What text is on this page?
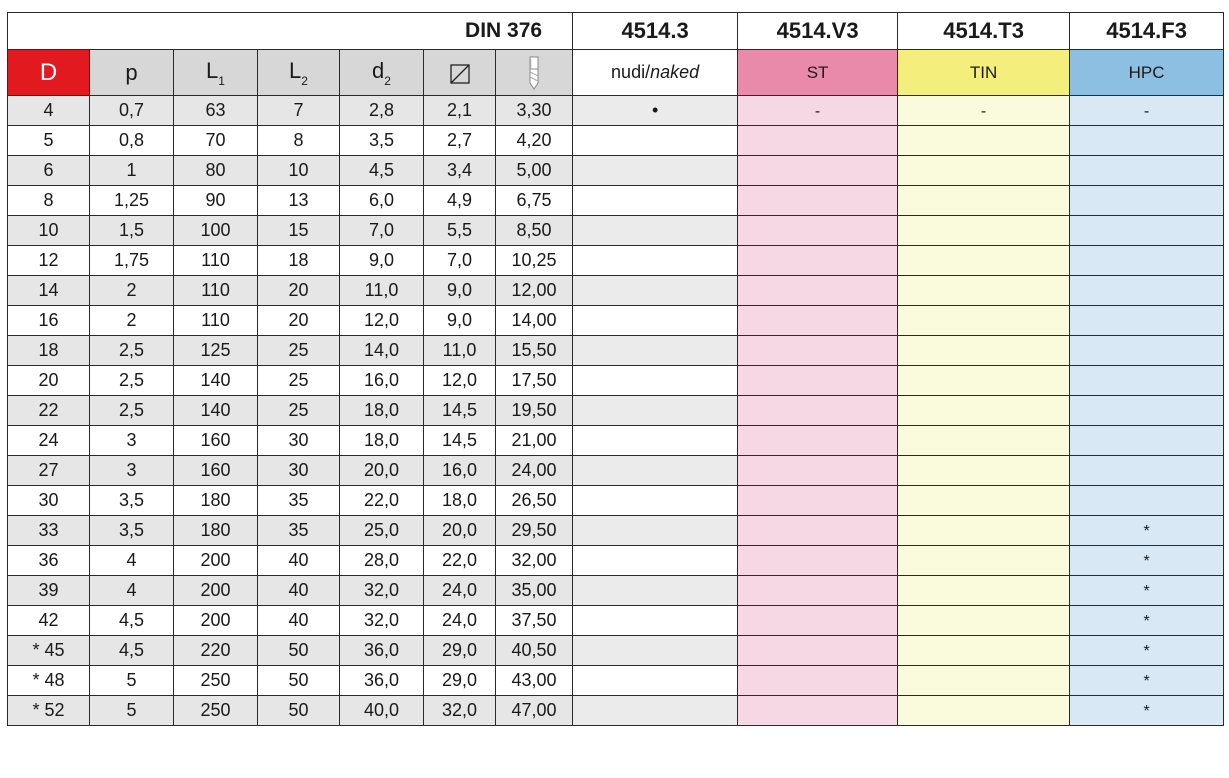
DIN 376							4514.3	4514.V3	4514.T3	4514.F3
D	p	$L_1$	$L_2$	$d_2$			nudi/naked	ST	TIN	HPC
4	0,7	63	7	2,8	2,1	3,30	•	-	-	-
5	0,8	70	8	3,5	2,7	4,20				
6	1	80	10	4,5	3,4	5,00				
8	1,25	90	13	6,0	4,9	6,75				
10	1,5	100	15	7,0	5,5	8,50				
12	1,75	110	18	9,0	7,0	10,25				
14	2	110	20	11,0	9,0	12,00				
16	2	110	20	12,0	9,0	14,00				
18	2,5	125	25	14,0	11,0	15,50				
20	2,5	140	25	16,0	12,0	17,50				
22	2,5	140	25	18,0	14,5	19,50				
24	3	160	30	18,0	14,5	21,00				
27	3	160	30	20,0	16,0	24,00				
30	3,5	180	35	22,0	18,0	26,50				
33	3,5	180	35	25,0	20,0	29,50				*
36	4	200	40	28,0	22,0	32,00				*
39	4	200	40	32,0	24,0	35,00				*
42	4,5	200	40	32,0	24,0	37,50				*
* 45	4,5	220	50	36,0	29,0	40,50				*
* 48	5	250	50	36,0	29,0	43,00				*
* 52	5	250	50	40,0	32,0	47,00				*
